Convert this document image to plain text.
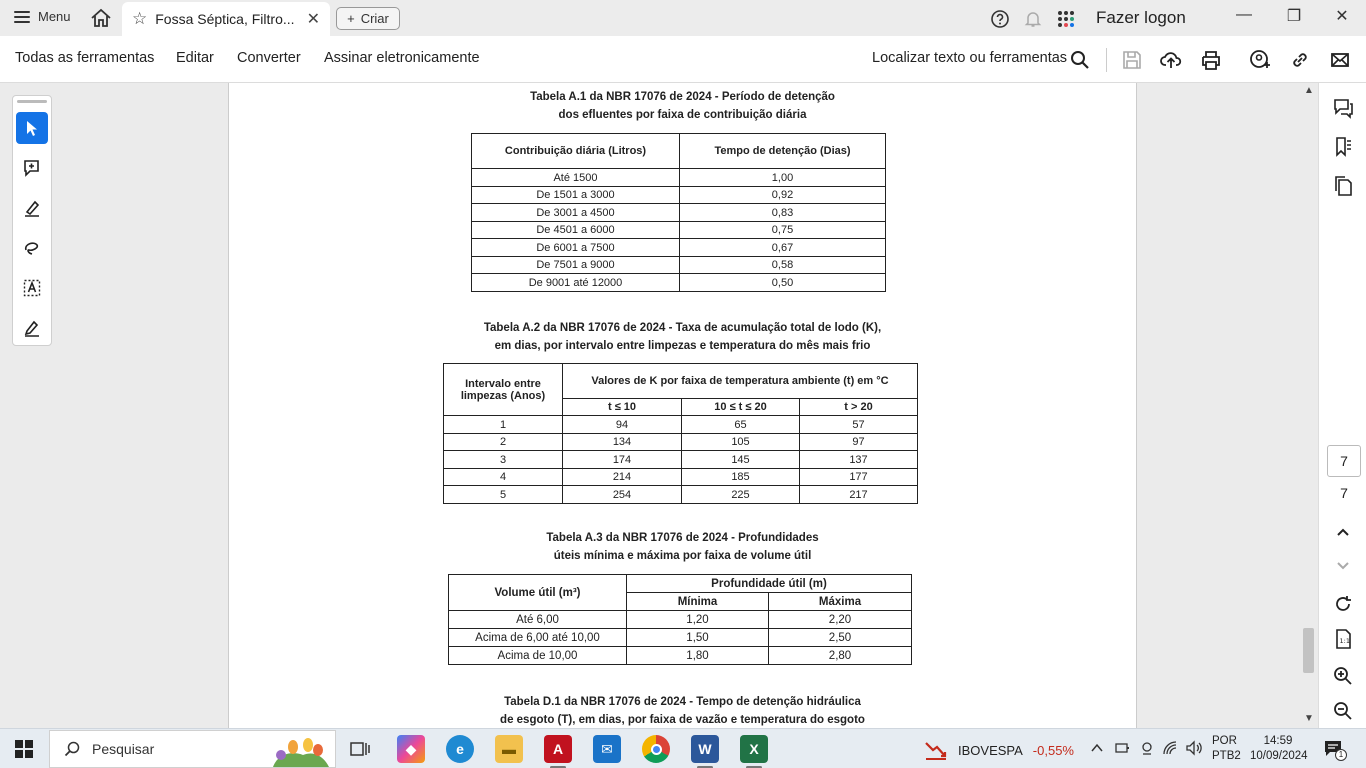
Menu	☆ Fossa Séptica, Filtro... ✕ + Criar	Fazer logon	—	❐	✕
Todas as ferramentas Editar Converter Assinar eletronicamente	Localizar texto ou ferramentas
Tabela A.1 da NBR 17076 de 2024 - Período de detenção
dos efluentes por faixa de contribuição diária
Contribuição diária (Litros)	Tempo de detenção (Dias)
Até 1500	1,00
De 1501 a 3000	0,92
De 3001 a 4500	0,83
De 4501 a 6000	0,75
De 6001 a 7500	0,67
De 7501 a 9000	0,58
De 9001 até 12000	0,50
Tabela A.2 da NBR 17076 de 2024 - Taxa de acumulação total de lodo (K),
em dias, por intervalo entre limpezas e temperatura do mês mais frio
Intervalo entre
limpezas (Anos)	Valores de K por faixa de temperatura ambiente (t) em °C		
	t ≤ 10	10 ≤ t ≤ 20	t > 20
1	94	65	57
2	134	105	97
3	174	145	137
4	214	185	177
5	254	225	217
Tabela A.3 da NBR 17076 de 2024 - Profundidades
úteis mínima e máxima por faixa de volume útil
Volume útil (m³)	Profundidade útil (m)	
	Mínima	Máxima
Até 6,00	1,20	2,20
Acima de 6,00 até 10,00	1,50	2,50
Acima de 10,00	1,80	2,80
Tabela D.1 da NBR 17076 de 2024 - Tempo de detenção hidráulica
de esgoto (T), em dias, por faixa de vazão e temperatura do esgoto
▲
▼
7
7
1:1
Pesquisar	◆	e	▬	A	✉	W	X	IBOVESPA -0,55%
POR
PTB2
14:59
10/09/2024	1
